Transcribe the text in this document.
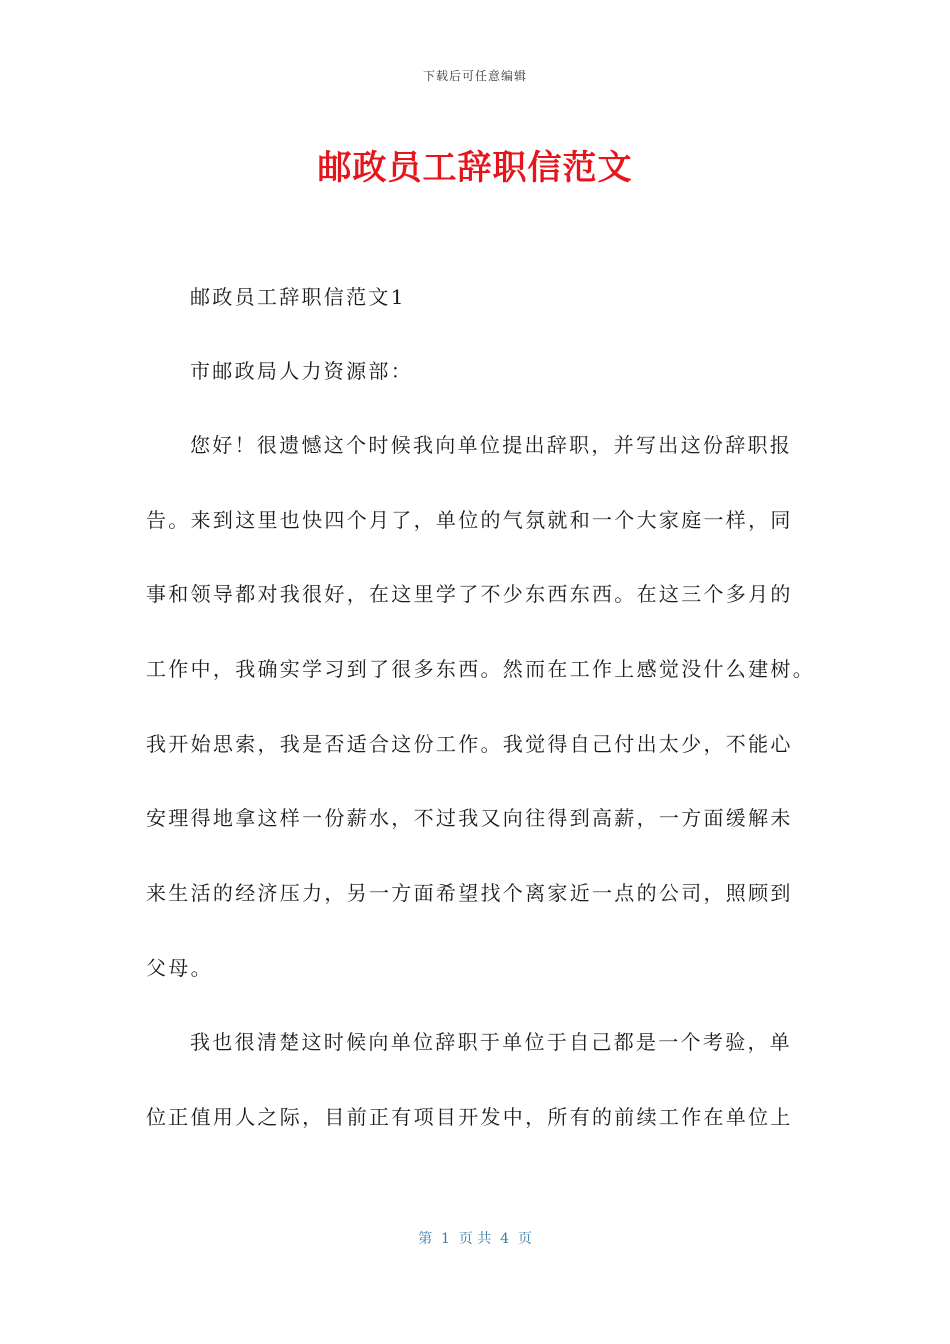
下载后可任意编辑
邮政员工辞职信范文
邮政员工辞职信范文1
市邮政局人力资源部：
您好！很遗憾这个时候我向单位提出辞职，并写出这份辞职报
告。来到这里也快四个月了，单位的气氛就和一个大家庭一样，同
事和领导都对我很好，在这里学了不少东西东西。在这三个多月的
工作中，我确实学习到了很多东西。然而在工作上感觉没什么建树。
我开始思索，我是否适合这份工作。我觉得自己付出太少，不能心
安理得地拿这样一份薪水，不过我又向往得到高薪，一方面缓解未
来生活的经济压力，另一方面希望找个离家近一点的公司，照顾到
父母。
我也很清楚这时候向单位辞职于单位于自己都是一个考验，单
位正值用人之际，目前正有项目开发中，所有的前续工作在单位上
第  1  页 共  4  页
